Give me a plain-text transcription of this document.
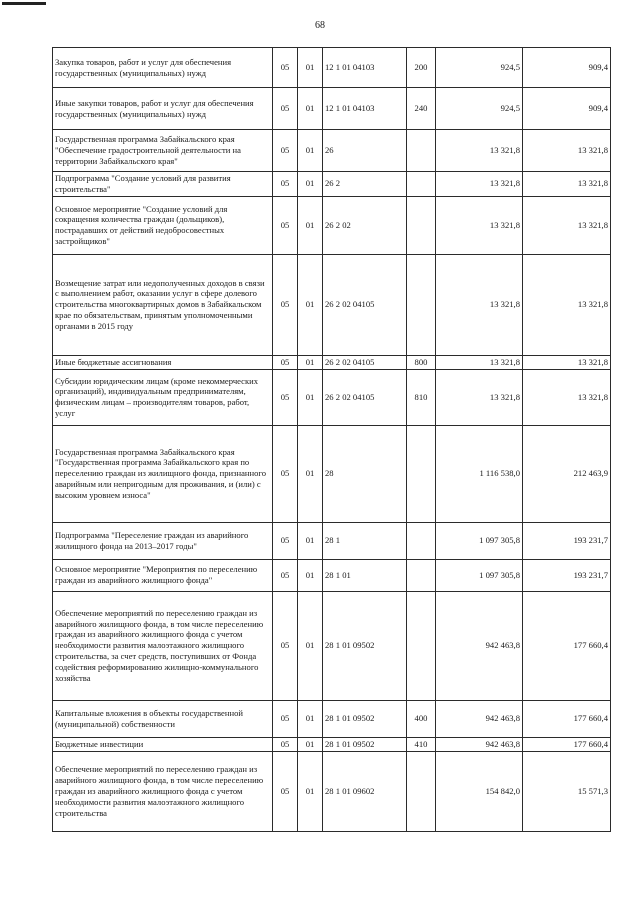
68
Закупка товаров, работ и услуг для обеспечения государственных (муниципальных) нужд	05	01	12 1 01 04103	200	924,5	909,4
Иные закупки товаров, работ и услуг для обеспечения государственных (муниципальных) нужд	05	01	12 1 01 04103	240	924,5	909,4
Государственная программа Забайкальского края "Обеспечение градостроительной деятельности на территории Забайкальского края"	05	01	26		13 321,8	13 321,8
Подпрограмма "Создание условий для развития строительства"	05	01	26 2		13 321,8	13 321,8
Основное мероприятие "Создание условий для сокращения количества граждан (дольщиков), пострадавших от действий недобросовестных застройщиков"	05	01	26 2 02		13 321,8	13 321,8
Возмещение затрат или недополученных доходов в связи с выполнением работ, оказании услуг в сфере долевого строительства многоквартирных домов в Забайкальском крае по обязательствам, принятым уполномоченными органами в 2015 году	05	01	26 2 02 04105		13 321,8	13 321,8
Иные бюджетные ассигнования	05	01	26 2 02 04105	800	13 321,8	13 321,8
Субсидии юридическим лицам (кроме некоммерческих организаций), индивидуальным предпринимателям, физическим лицам – производителям товаров, работ, услуг	05	01	26 2 02 04105	810	13 321,8	13 321,8
Государственная программа Забайкальского края "Государственная программа Забайкальского края по переселению граждан из жилищного фонда, признанного аварийным или непригодным для проживания, и (или) с высоким уровнем износа"	05	01	28		1 116 538,0	212 463,9
Подпрограмма "Переселение граждан из аварийного жилищного фонда на 2013–2017 годы"	05	01	28 1		1 097 305,8	193 231,7
Основное мероприятие "Мероприятия по переселению граждан из аварийного жилищного фонда"	05	01	28 1 01		1 097 305,8	193 231,7
Обеспечение мероприятий по переселению граждан из аварийного жилищного фонда, в том числе переселению граждан из аварийного жилищного фонда с учетом необходимости развития малоэтажного жилищного строительства, за счет средств, поступивших от Фонда содействия реформированию жилищно-коммунального хозяйства	05	01	28 1 01 09502		942 463,8	177 660,4
Капитальные вложения в объекты государственной (муниципальной) собственности	05	01	28 1 01 09502	400	942 463,8	177 660,4
Бюджетные инвестиции	05	01	28 1 01 09502	410	942 463,8	177 660,4
Обеспечение мероприятий по переселению граждан из аварийного жилищного фонда, в том числе переселению граждан из аварийного жилищного фонда с учетом необходимости развития малоэтажного жилищного строительства	05	01	28 1 01 09602		154 842,0	15 571,3
